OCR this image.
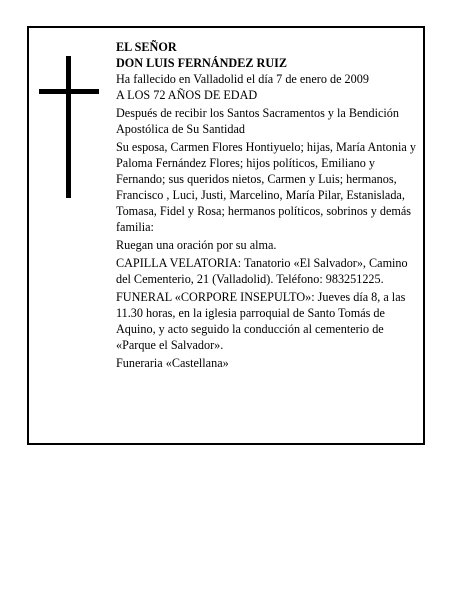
EL SEÑOR

DON LUIS FERNÁNDEZ RUIZ

Ha fallecido en Valladolid el día 7 de enero de 2009

A LOS 72 AÑOS DE EDAD

Después de recibir los Santos Sacramentos y la Bendición Apostólica de Su Santidad

Su esposa, Carmen Flores Hontiyuelo; hijas, María Antonia y Paloma Fernández Flores; hijos políticos, Emiliano y Fernando; sus queridos nietos, Carmen y Luis; hermanos, Francisco , Luci, Justi, Marcelino, María Pilar, Estanislada, Tomasa, Fidel y Rosa; hermanos políticos, sobrinos y demás familia:

Ruegan una oración por su alma.

CAPILLA VELATORIA: Tanatorio «El Salvador», Camino del Cementerio, 21 (Valladolid). Teléfono: 983251225.

FUNERAL «CORPORE INSEPULTO»: Jueves día 8, a las 11.30 horas, en la iglesia parroquial de Santo Tomás de Aquino, y acto seguido la conducción al cementerio de «Parque el Salvador».

Funeraria «Castellana»
